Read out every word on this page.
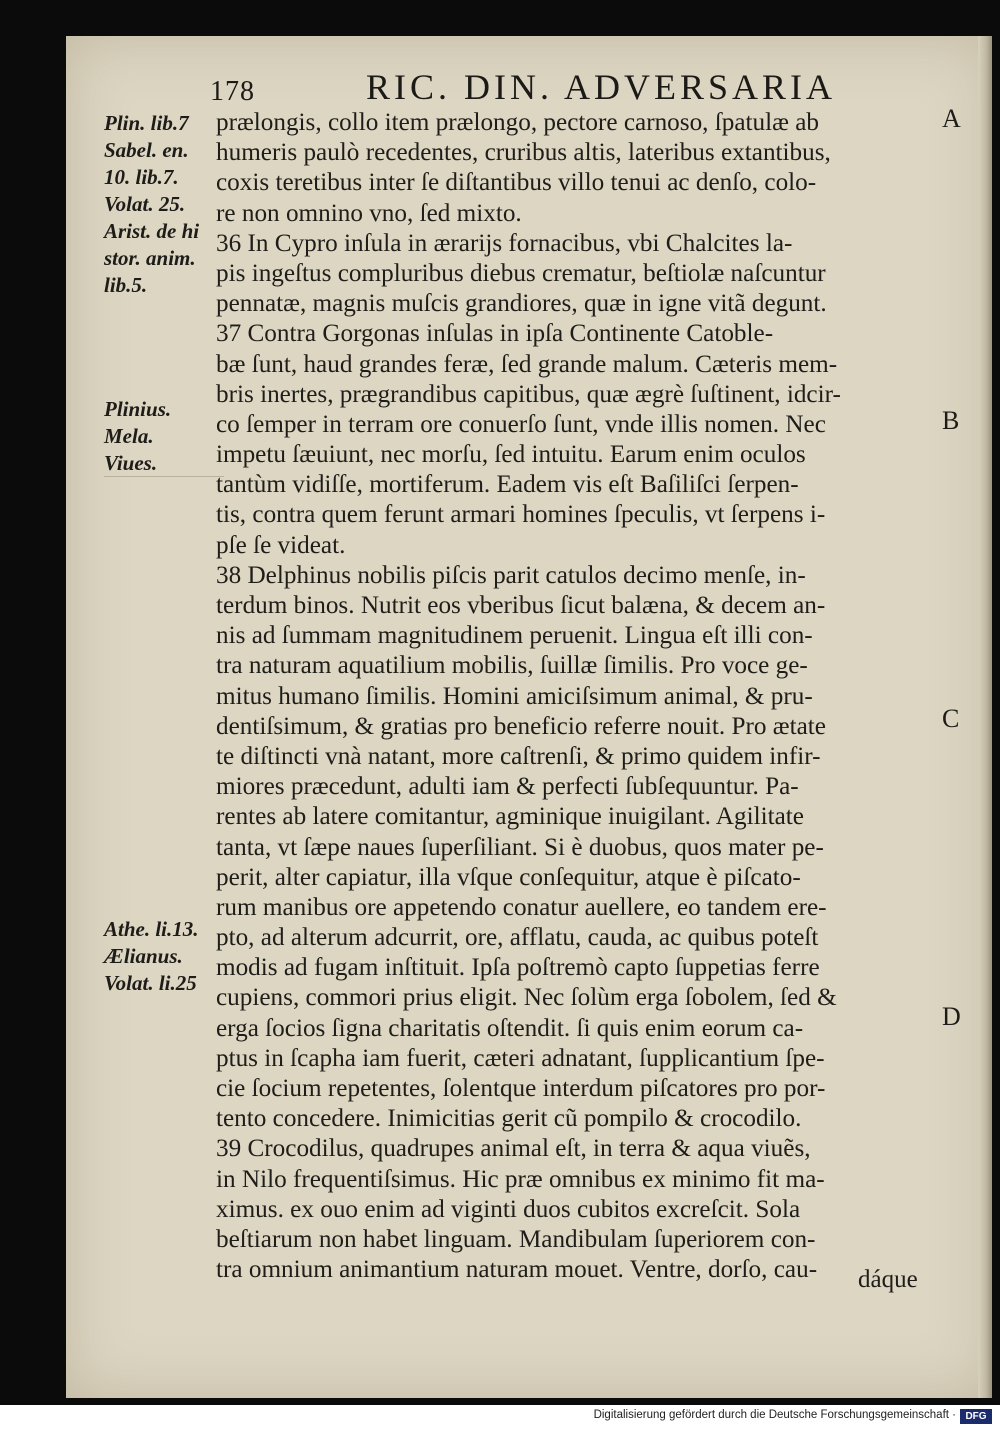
178	RIC. DIN. ADVERSARIA
Plin. lib.7
Sabel. en.
10. lib.7.
Volat. 25.
Arist. de hi
stor. anim.
lib.5.
Plinius.
Mela.
Viues.
Athe. li.13.
Ælianus.
Volat. li.25
A
B
C
D
prælongis, collo item prælongo, pectore carnoso, ſpatulæ ab
humeris paulò recedentes, cruribus altis, lateribus extantibus,
coxis teretibus inter ſe diſtantibus villo tenui ac denſo, colo-
re non omnino vno, ſed mixto.
36 In Cypro inſula in ærarijs fornacibus, vbi Chalcites la-
pis ingeſtus compluribus diebus crematur, beſtiolæ naſcuntur
pennatæ, magnis muſcis grandiores, quæ in igne vitã degunt.
37 Contra Gorgonas inſulas in ipſa Continente Catoble-
bæ ſunt, haud grandes feræ, ſed grande malum. Cæteris mem-
bris inertes, prægrandibus capitibus, quæ ægrè ſuſtinent, idcir-
co ſemper in terram ore conuerſo ſunt, vnde illis nomen. Nec
impetu ſæuiunt, nec morſu, ſed intuitu. Earum enim oculos
tantùm vidiſſe, mortiferum. Eadem vis eſt Baſiliſci ſerpen-
tis, contra quem ferunt armari homines ſpeculis, vt ſerpens i-
pſe ſe videat.
38 Delphinus nobilis piſcis parit catulos decimo menſe, in-
terdum binos. Nutrit eos vberibus ſicut balæna, & decem an-
nis ad ſummam magnitudinem peruenit. Lingua eſt illi con-
tra naturam aquatilium mobilis, ſuillæ ſimilis. Pro voce ge-
mitus humano ſimilis. Homini amiciſsimum animal, & pru-
dentiſsimum, & gratias pro beneficio referre nouit. Pro ætate
te diſtincti vnà natant, more caſtrenſi, & primo quidem infir-
miores præcedunt, adulti iam & perfecti ſubſequuntur. Pa-
rentes ab latere comitantur, agminique inuigilant. Agilitate
tanta, vt ſæpe naues ſuperſiliant. Si è duobus, quos mater pe-
perit, alter capiatur, illa vſque conſequitur, atque è piſcato-
rum manibus ore appetendo conatur auellere, eo tandem ere-
pto, ad alterum adcurrit, ore, afflatu, cauda, ac quibus poteſt
modis ad fugam inſtituit. Ipſa poſtremò capto ſuppetias ferre
cupiens, commori prius eligit. Nec ſolùm erga ſobolem, ſed &
erga ſocios ſigna charitatis oſtendit. ſi quis enim eorum ca-
ptus in ſcapha iam fuerit, cæteri adnatant, ſupplicantium ſpe-
cie ſocium repetentes, ſolentque interdum piſcatores pro por-
tento concedere. Inimicitias gerit cũ pompilo & crocodilo.
39 Crocodilus, quadrupes animal eſt, in terra & aqua viuẽs,
in Nilo frequentiſsimus. Hic præ omnibus ex minimo fit ma-
ximus. ex ouo enim ad viginti duos cubitos excreſcit. Sola
beſtiarum non habet linguam. Mandibulam ſuperiorem con-
tra omnium animantium naturam mouet. Ventre, dorſo, cau-	dáque
Digitalisierung gefördert durch die Deutsche Forschungsgemeinschaft · DFG
